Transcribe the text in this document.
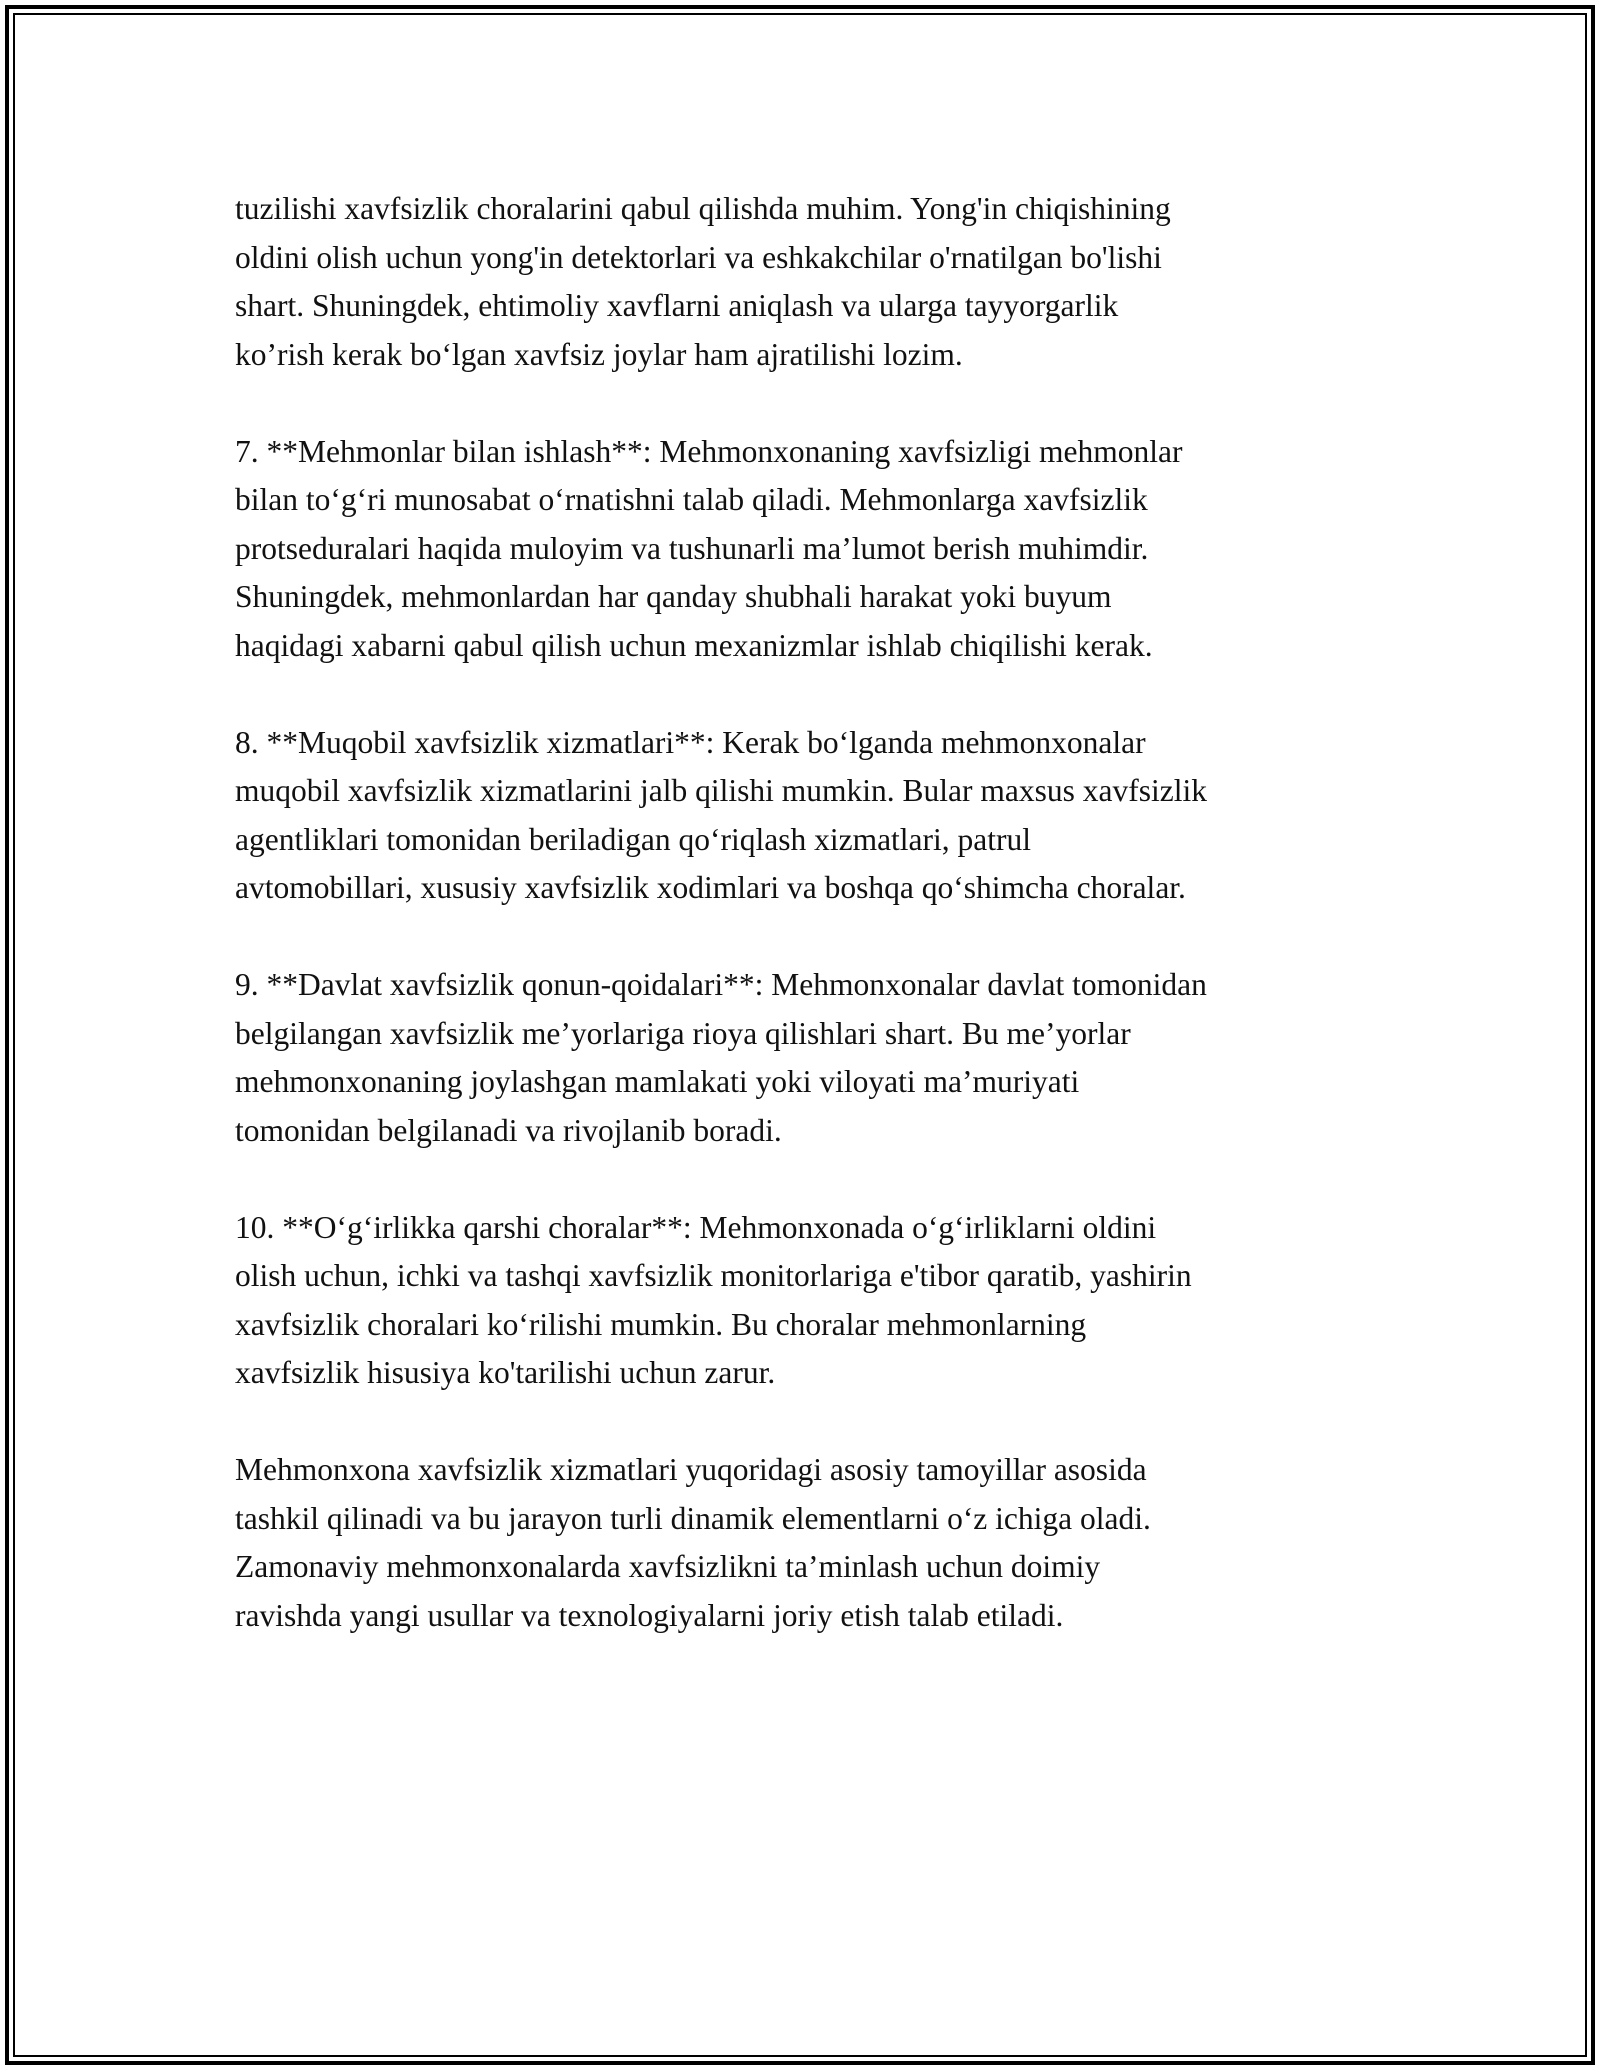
tuzilishi xavfsizlik choralarini qabul qilishda muhim. Yong'in chiqishining
oldini olish uchun yong'in detektorlari va eshkakchilar o'rnatilgan bo'lishi
shart. Shuningdek, ehtimoliy xavflarni aniqlash va ularga tayyorgarlik
ko’rish kerak bo‘lgan xavfsiz joylar ham ajratilishi lozim.

7. **Mehmonlar bilan ishlash**: Mehmonxonaning xavfsizligi mehmonlar
bilan to‘g‘ri munosabat o‘rnatishni talab qiladi. Mehmonlarga xavfsizlik
protseduralari haqida muloyim va tushunarli ma’lumot berish muhimdir.
Shuningdek, mehmonlardan har qanday shubhali harakat yoki buyum
haqidagi xabarni qabul qilish uchun mexanizmlar ishlab chiqilishi kerak.

8. **Muqobil xavfsizlik xizmatlari**: Kerak bo‘lganda mehmonxonalar
muqobil xavfsizlik xizmatlarini jalb qilishi mumkin. Bular maxsus xavfsizlik
agentliklari tomonidan beriladigan qo‘riqlash xizmatlari, patrul
avtomobillari, xususiy xavfsizlik xodimlari va boshqa qo‘shimcha choralar.

9. **Davlat xavfsizlik qonun-qoidalari**: Mehmonxonalar davlat tomonidan
belgilangan xavfsizlik me’yorlariga rioya qilishlari shart. Bu me’yorlar
mehmonxonaning joylashgan mamlakati yoki viloyati ma’muriyati
tomonidan belgilanadi va rivojlanib boradi.

10. **O‘g‘irlikka qarshi choralar**: Mehmonxonada o‘g‘irliklarni oldini
olish uchun, ichki va tashqi xavfsizlik monitorlariga e'tibor qaratib, yashirin
xavfsizlik choralari ko‘rilishi mumkin. Bu choralar mehmonlarning
xavfsizlik hisusiya ko'tarilishi uchun zarur.

Mehmonxona xavfsizlik xizmatlari yuqoridagi asosiy tamoyillar asosida
tashkil qilinadi va bu jarayon turli dinamik elementlarni o‘z ichiga oladi.
Zamonaviy mehmonxonalarda xavfsizlikni ta’minlash uchun doimiy
ravishda yangi usullar va texnologiyalarni joriy etish talab etiladi.
